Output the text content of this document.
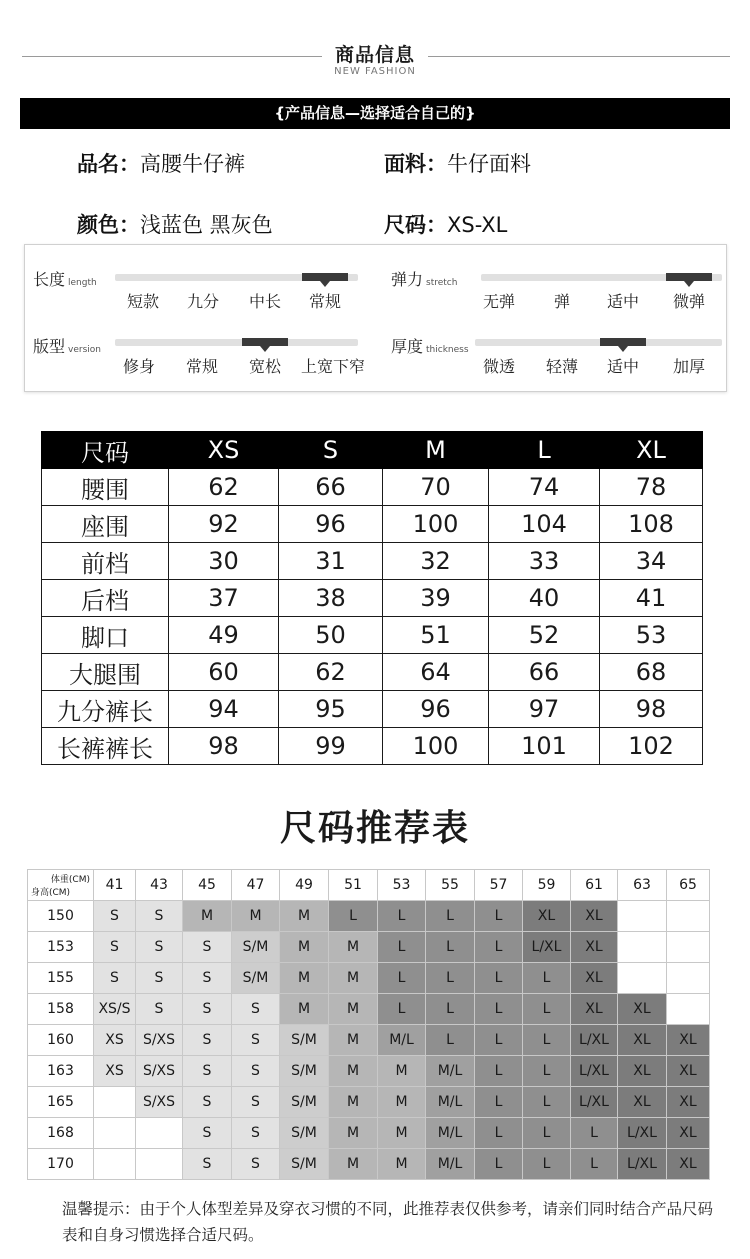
商品信息
NEW FASHION
{产品信息—选择适合自己的}
品名：高腰牛仔裤	面料：牛仔面料
颜色：浅蓝色 黑灰色	尺码：XS-XL
长度 length
短款	九分	中长	常规
弹力 stretch
无弹	弹	适中	微弹
版型 version
修身	常规	宽松	上宽下窄
厚度 thickness
微透	轻薄	适中	加厚
尺码	XS	S	M	L	XL
腰围	62	66	70	74	78
座围	92	96	100	104	108
前档	30	31	32	33	34
后档	37	38	39	40	41
脚口	49	50	51	52	53
大腿围	60	62	64	66	68
九分裤长	94	95	96	97	98
长裤裤长	98	99	100	101	102
尺码推荐表
体重(CM)
身高(CM)	41	43	45	47	49	51	53	55	57	59	61	63	65
150	S	S	M	M	M	L	L	L	L	XL	XL		
153	S	S	S	S/M	M	M	L	L	L	L/XL	XL		
155	S	S	S	S/M	M	M	L	L	L	L	XL		
158	XS/S	S	S	S	M	M	L	L	L	L	XL	XL	
160	XS	S/XS	S	S	S/M	M	M/L	L	L	L	L/XL	XL	XL
163	XS	S/XS	S	S	S/M	M	M	M/L	L	L	L/XL	XL	XL
165		S/XS	S	S	S/M	M	M	M/L	L	L	L/XL	XL	XL
168			S	S	S/M	M	M	M/L	L	L	L	L/XL	XL
170			S	S	S/M	M	M	M/L	L	L	L	L/XL	XL
温馨提示：由于个人体型差异及穿衣习惯的不同，此推荐表仅供参考，请亲们同时结合产品尺码表和自身习惯选择合适尺码。
